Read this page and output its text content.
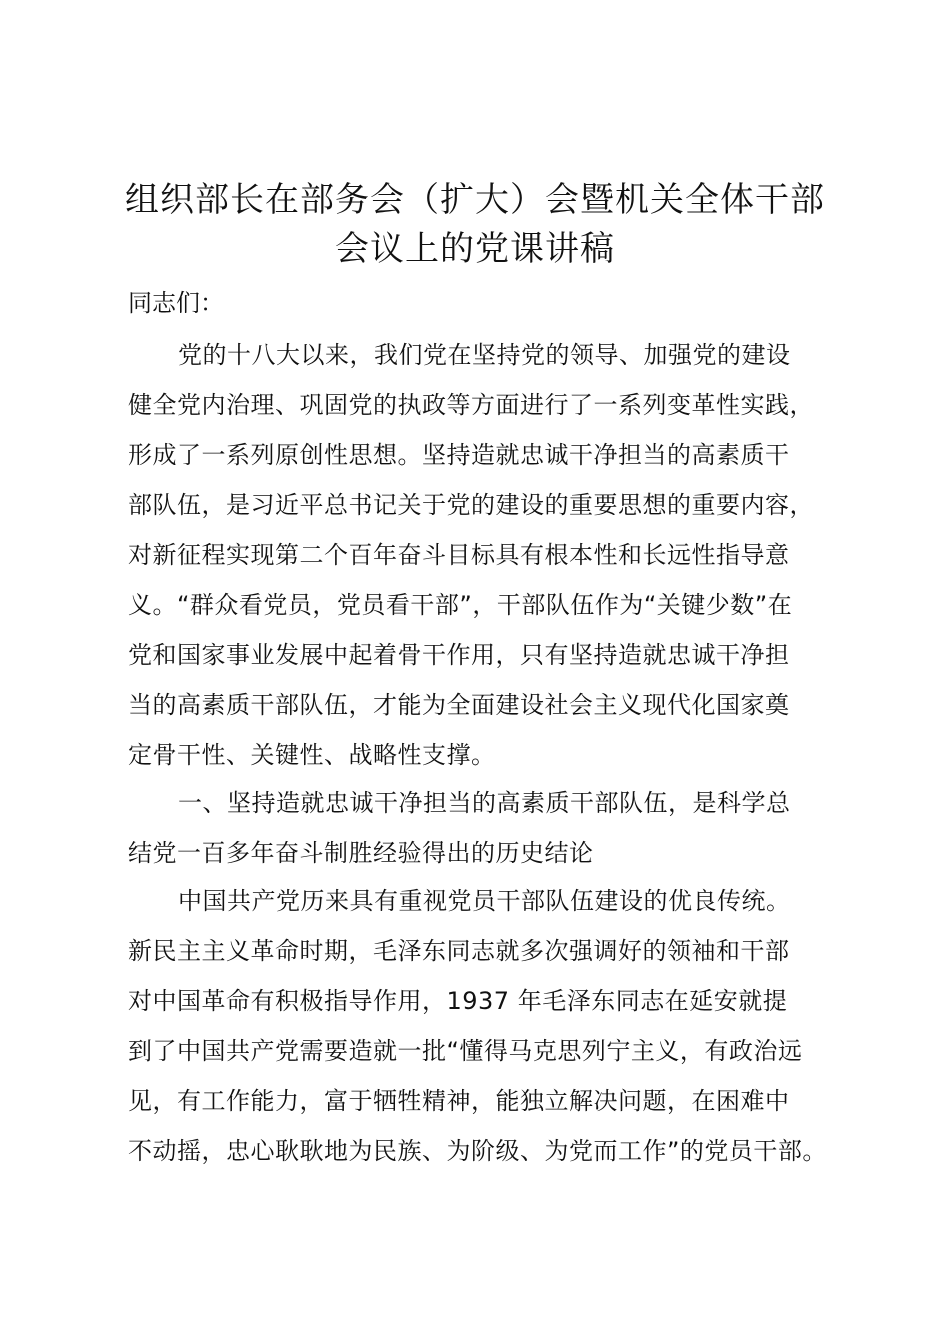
组织部长在部务会（扩大）会暨机关全体干部
会议上的党课讲稿
同志们：
党的十八大以来，我们党在坚持党的领导、加强党的建设
健全党内治理、巩固党的执政等方面进行了一系列变革性实践，
形成了一系列原创性思想。坚持造就忠诚干净担当的高素质干
部队伍，是习近平总书记关于党的建设的重要思想的重要内容，
对新征程实现第二个百年奋斗目标具有根本性和长远性指导意
义。“群众看党员，党员看干部”，干部队伍作为“关键少数”在
党和国家事业发展中起着骨干作用，只有坚持造就忠诚干净担
当的高素质干部队伍，才能为全面建设社会主义现代化国家奠
定骨干性、关键性、战略性支撑。
一、坚持造就忠诚干净担当的高素质干部队伍，是科学总
结党一百多年奋斗制胜经验得出的历史结论
中国共产党历来具有重视党员干部队伍建设的优良传统。
新民主主义革命时期，毛泽东同志就多次强调好的领袖和干部
对中国革命有积极指导作用，1937 年毛泽东同志在延安就提
到了中国共产党需要造就一批“懂得马克思列宁主义，有政治远
见，有工作能力，富于牺牲精神，能独立解决问题，在困难中
不动摇，忠心耿耿地为民族、为阶级、为党而工作”的党员干部。
